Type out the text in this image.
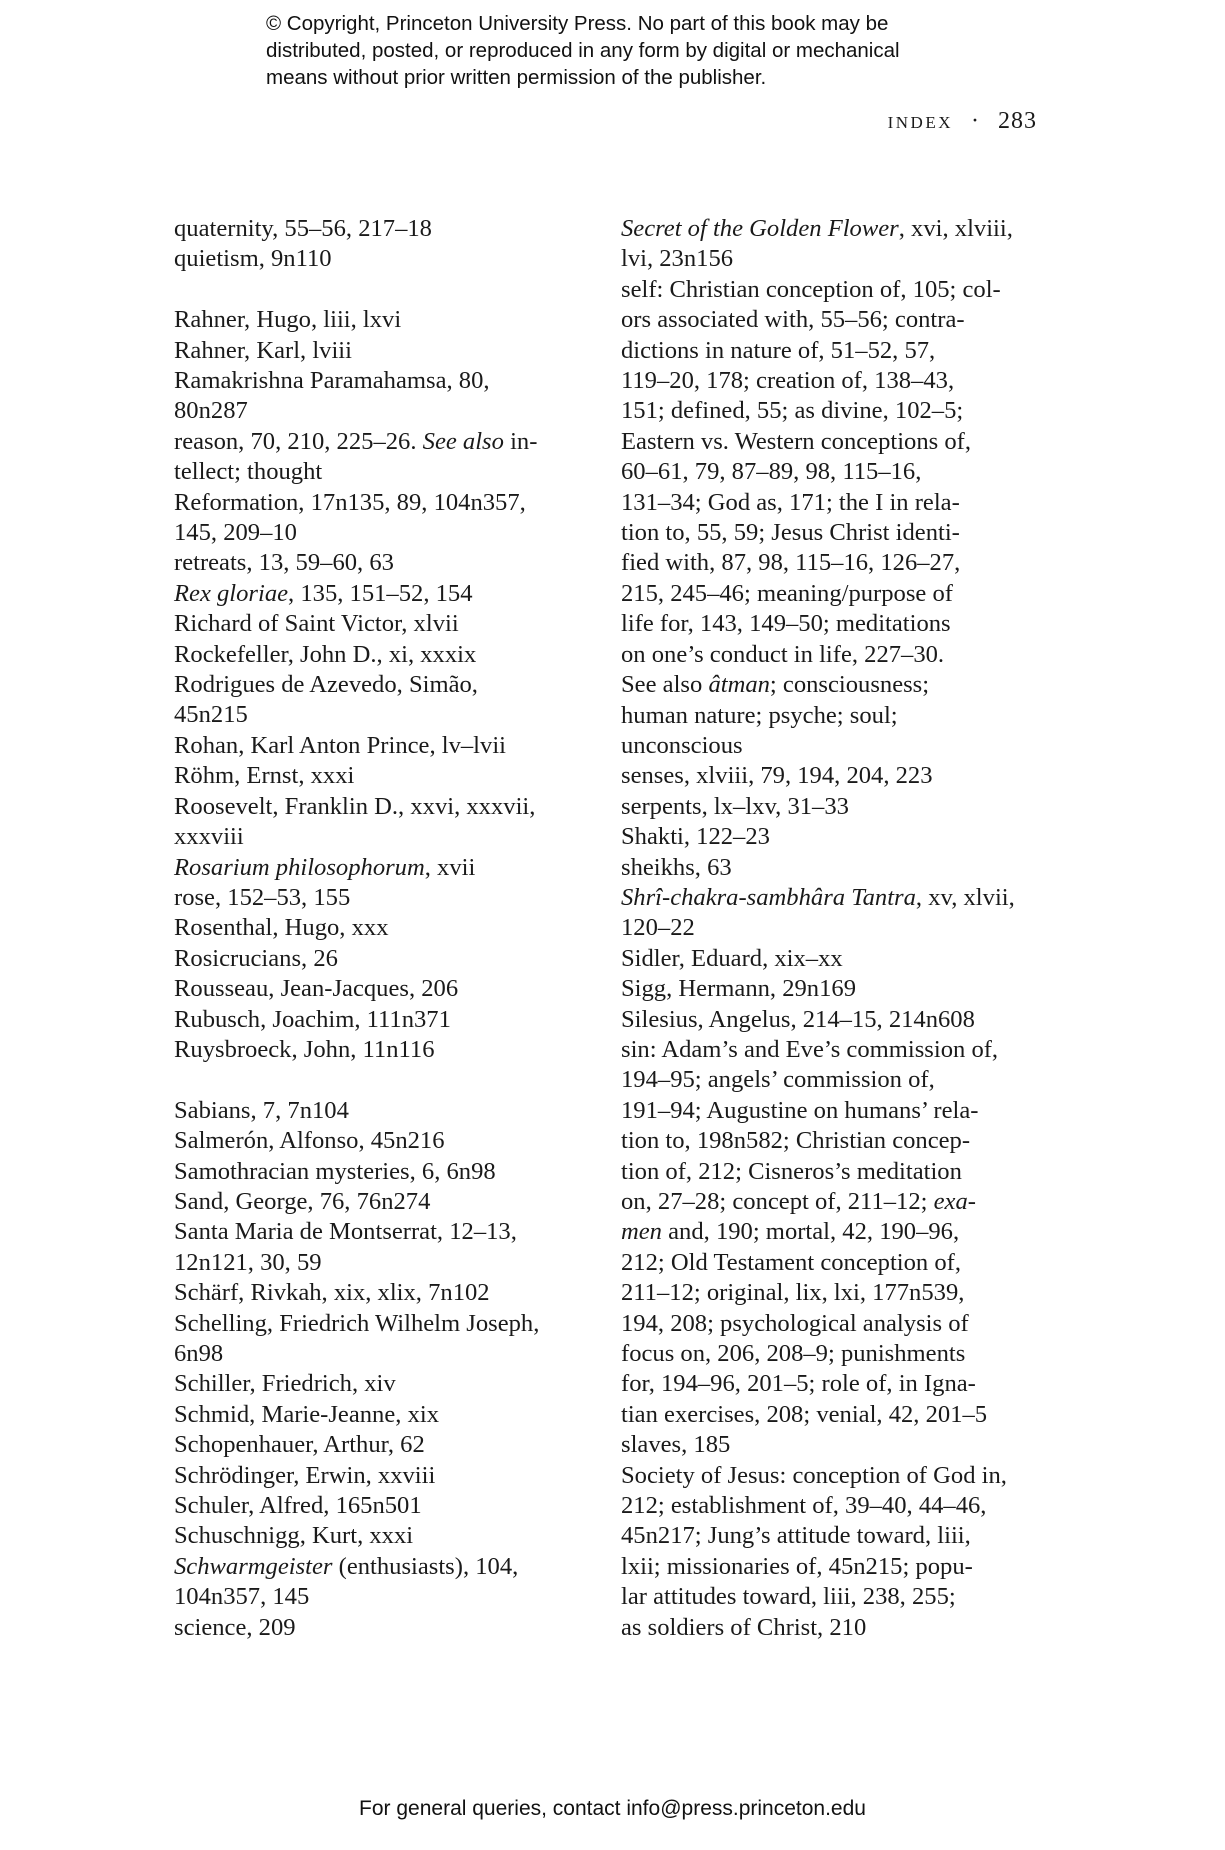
© Copyright, Princeton University Press. No part of this book may be
distributed, posted, or reproduced in any form by digital or mechanical
means without prior written permission of the publisher.
index · 283
quaternity, 55–56, 217–18
quietism, 9n110
Rahner, Hugo, liii, lxvi
Rahner, Karl, lviii
Ramakrishna Paramahamsa, 80,
80n287
reason, 70, 210, 225–26. See also in-
tellect; thought
Reformation, 17n135, 89, 104n357,
145, 209–10
retreats, 13, 59–60, 63
Rex gloriae, 135, 151–52, 154
Richard of Saint Victor, xlvii
Rockefeller, John D., xi, xxxix
Rodrigues de Azevedo, Simão,
45n215
Rohan, Karl Anton Prince, lv–lvii
Röhm, Ernst, xxxi
Roosevelt, Franklin D., xxvi, xxxvii,
xxxviii
Rosarium philosophorum, xvii
rose, 152–53, 155
Rosenthal, Hugo, xxx
Rosicrucians, 26
Rousseau, Jean-Jacques, 206
Rubusch, Joachim, 111n371
Ruysbroeck, John, 11n116
Sabians, 7, 7n104
Salmerón, Alfonso, 45n216
Samothracian mysteries, 6, 6n98
Sand, George, 76, 76n274
Santa Maria de Montserrat, 12–13,
12n121, 30, 59
Schärf, Rivkah, xix, xlix, 7n102
Schelling, Friedrich Wilhelm Joseph,
6n98
Schiller, Friedrich, xiv
Schmid, Marie-Jeanne, xix
Schopenhauer, Arthur, 62
Schrödinger, Erwin, xxviii
Schuler, Alfred, 165n501
Schuschnigg, Kurt, xxxi
Schwarmgeister (enthusiasts), 104,
104n357, 145
science, 209
Secret of the Golden Flower, xvi, xlviii,
lvi, 23n156
self: Christian conception of, 105; col-
ors associated with, 55–56; contra-
dictions in nature of, 51–52, 57,
119–20, 178; creation of, 138–43,
151; defined, 55; as divine, 102–5;
Eastern vs. Western conceptions of,
60–61, 79, 87–89, 98, 115–16,
131–34; God as, 171; the I in rela-
tion to, 55, 59; Jesus Christ identi-
fied with, 87, 98, 115–16, 126–27,
215, 245–46; meaning/purpose of
life for, 143, 149–50; meditations
on one’s conduct in life, 227–30.
See also âtman; consciousness;
human nature; psyche; soul;
unconscious
senses, xlviii, 79, 194, 204, 223
serpents, lx–lxv, 31–33
Shakti, 122–23
sheikhs, 63
Shrî-chakra-sambhâra Tantra, xv, xlvii,
120–22
Sidler, Eduard, xix–xx
Sigg, Hermann, 29n169
Silesius, Angelus, 214–15, 214n608
sin: Adam’s and Eve’s commission of,
194–95; angels’ commission of,
191–94; Augustine on humans’ rela-
tion to, 198n582; Christian concep-
tion of, 212; Cisneros’s meditation
on, 27–28; concept of, 211–12; exa-
men and, 190; mortal, 42, 190–96,
212; Old Testament conception of,
211–12; original, lix, lxi, 177n539,
194, 208; psychological analysis of
focus on, 206, 208–9; punishments
for, 194–96, 201–5; role of, in Igna-
tian exercises, 208; venial, 42, 201–5
slaves, 185
Society of Jesus: conception of God in,
212; establishment of, 39–40, 44–46,
45n217; Jung’s attitude toward, liii,
lxii; missionaries of, 45n215; popu-
lar attitudes toward, liii, 238, 255;
as soldiers of Christ, 210
For general queries, contact info@press.princeton.edu
